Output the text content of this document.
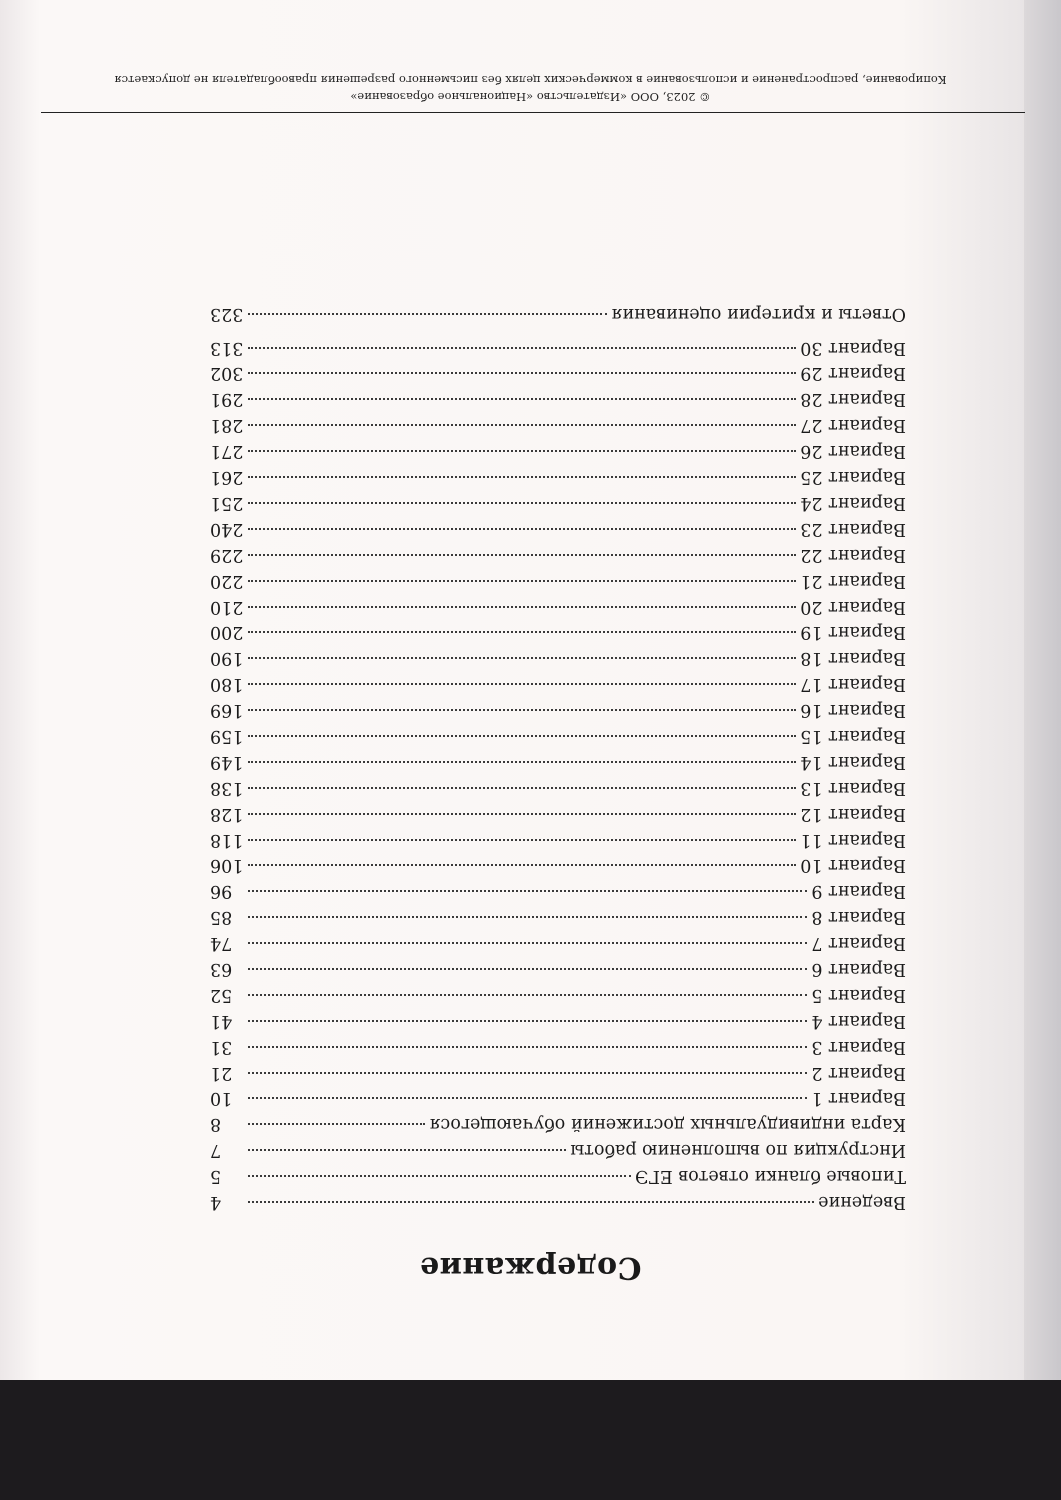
Содержание
Введение
4
Типовые бланки ответов ЕГЭ
5
Инструкция по выполнению работы
7
Карта индивидуальных достижений обучающегося
8
Вариант 1
10
Вариант 2
21
Вариант 3
31
Вариант 4
41
Вариант 5
52
Вариант 6
63
Вариант 7
74
Вариант 8
85
Вариант 9
96
Вариант 10
106
Вариант 11
118
Вариант 12
128
Вариант 13
138
Вариант 14
149
Вариант 15
159
Вариант 16
169
Вариант 17
180
Вариант 18
190
Вариант 19
200
Вариант 20
210
Вариант 21
220
Вариант 22
229
Вариант 23
240
Вариант 24
251
Вариант 25
261
Вариант 26
271
Вариант 27
281
Вариант 28
291
Вариант 29
302
Вариант 30
313
Ответы и критерии оценивания
323
© 2023, ООО «Издательство «Национальное образование»
Копирование, распространение и использование в коммерческих целях без письменного разрешения правообладателя не допускается
